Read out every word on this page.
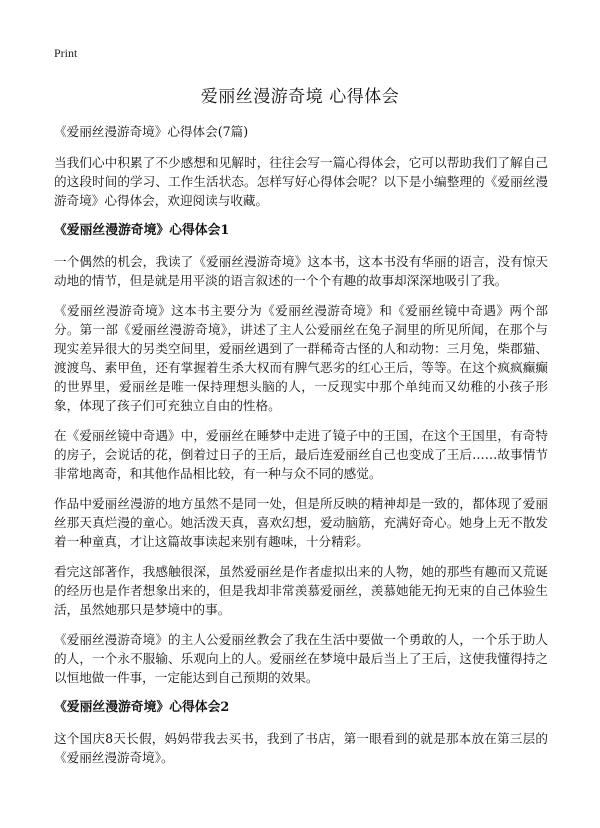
Print
爱丽丝漫游奇境 心得体会

《爱丽丝漫游奇境》心得体会(7篇)

当我们心中积累了不少感想和见解时，往往会写一篇心得体会，它可以帮助我们了解自己的这段时间的学习、工作生活状态。怎样写好心得体会呢？以下是小编整理的《爱丽丝漫游奇境》心得体会，欢迎阅读与收藏。

《爱丽丝漫游奇境》心得体会1

一个偶然的机会，我读了《爱丽丝漫游奇境》这本书，这本书没有华丽的语言，没有惊天动地的情节，但是就是用平淡的语言叙述的一个个有趣的故事却深深地吸引了我。

《爱丽丝漫游奇境》这本书主要分为《爱丽丝漫游奇境》和《爱丽丝镜中奇遇》两个部分。第一部《爱丽丝漫游奇境》，讲述了主人公爱丽丝在兔子洞里的所见所闻，在那个与现实差异很大的另类空间里，爱丽丝遇到了一群稀奇古怪的人和动物：三月兔，柴郡猫、渡渡鸟、素甲鱼，还有掌握着生杀大权而有脾气恶劣的红心王后，等等。在这个疯疯癫癫的世界里，爱丽丝是唯一保持理想头脑的人，一反现实中那个单纯而又幼稚的小孩子形象，体现了孩子们可充独立自由的性格。

在《爱丽丝镜中奇遇》中，爱丽丝在睡梦中走进了镜子中的王国，在这个王国里，有奇特的房子，会说话的花，倒着过日子的王后，最后连爱丽丝自己也变成了王后……故事情节非常地离奇，和其他作品相比较，有一种与众不同的感觉。

作品中爱丽丝漫游的地方虽然不是同一处，但是所反映的精神却是一致的，都体现了爱丽丝那天真烂漫的童心。她活泼天真，喜欢幻想，爱动脑筋，充满好奇心。她身上无不散发着一种童真，才让这篇故事读起来别有趣味，十分精彩。

看完这部著作，我感触很深，虽然爱丽丝是作者虚拟出来的人物，她的那些有趣而又荒诞的经历也是作者想象出来的，但是我却非常羡慕爱丽丝，羡慕她能无拘无束的自己体验生活，虽然她那只是梦境中的事。

《爱丽丝漫游奇境》的主人公爱丽丝教会了我在生活中要做一个勇敢的人，一个乐于助人的人，一个永不服输、乐观向上的人。爱丽丝在梦境中最后当上了王后，这使我懂得持之以恒地做一件事，一定能达到自己预期的效果。

《爱丽丝漫游奇境》心得体会2

这个国庆8天长假，妈妈带我去买书，我到了书店，第一眼看到的就是那本放在第三层的《爱丽丝漫游奇境》。
